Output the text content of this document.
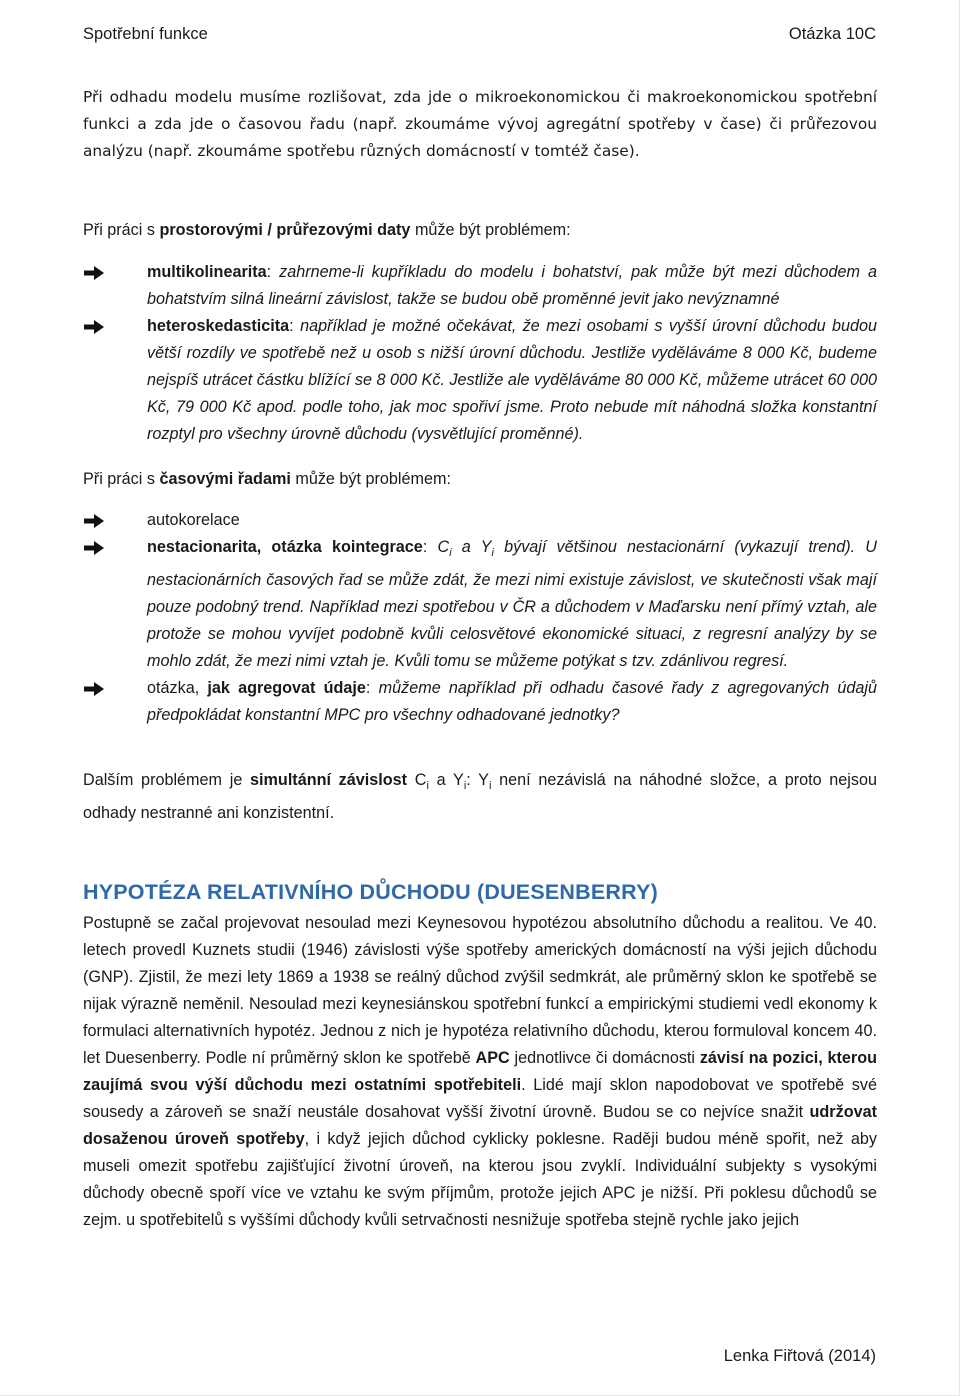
Spotřební funkce	Otázka 10C

Při odhadu modelu musíme rozlišovat, zda jde o mikroekonomickou či makroekonomickou spotřební funkci a zda jde o časovou řadu (např. zkoumáme vývoj agregátní spotřeby v čase) či průřezovou analýzu (např. zkoumáme spotřebu různých domácností v tomtéž čase).

Při práci s prostorovými / průřezovými daty může být problémem:

multikolinearita: zahrneme-li kupříkladu do modelu i bohatství, pak může být mezi důchodem a bohatstvím silná lineární závislost, takže se budou obě proměnné jevit jako nevýznamné
heteroskedasticita: například je možné očekávat, že mezi osobami s vyšší úrovní důchodu budou větší rozdíly ve spotřebě než u osob s nižší úrovní důchodu. Jestliže vyděláváme 8 000 Kč, budeme nejspíš utrácet částku blížící se 8 000 Kč. Jestliže ale vyděláváme 80 000 Kč, můžeme utrácet 60 000 Kč, 79 000 Kč apod. podle toho, jak moc spořiví jsme. Proto nebude mít náhodná složka konstantní rozptyl pro všechny úrovně důchodu (vysvětlující proměnné).

Při práci s časovými řadami může být problémem:

autokorelace
nestacionarita, otázka kointegrace: $C_i$ a $Y_i$ bývají většinou nestacionární (vykazují trend). U nestacionárních časových řad se může zdát, že mezi nimi existuje závislost, ve skutečnosti však mají pouze podobný trend. Například mezi spotřebou v ČR a důchodem v Maďarsku není přímý vztah, ale protože se mohou vyvíjet podobně kvůli celosvětové ekonomické situaci, z regresní analýzy by se mohlo zdát, že mezi nimi vztah je. Kvůli tomu se můžeme potýkat s tzv. zdánlivou regresí.
otázka, jak agregovat údaje: můžeme například při odhadu časové řady z agregovaných údajů předpokládat konstantní MPC pro všechny odhadované jednotky?

Dalším problémem je simultánní závislost $C_i$ a $Y_i$: $Y_i$ není nezávislá na náhodné složce, a proto nejsou odhady nestranné ani konzistentní.

HYPOTÉZA RELATIVNÍHO DŮCHODU (DUESENBERRY)

Postupně se začal projevovat nesoulad mezi Keynesovou hypotézou absolutního důchodu a realitou. Ve 40. letech provedl Kuznets studii (1946) závislosti výše spotřeby amerických domácností na výši jejich důchodu (GNP). Zjistil, že mezi lety 1869 a 1938 se reálný důchod zvýšil sedmkrát, ale průměrný sklon ke spotřebě se nijak výrazně neměnil. Nesoulad mezi keynesiánskou spotřební funkcí a empirickými studiemi vedl ekonomy k formulaci alternativních hypotéz. Jednou z nich je hypotéza relativního důchodu, kterou formuloval koncem 40. let Duesenberry. Podle ní průměrný sklon ke spotřebě APC jednotlivce či domácnosti závisí na pozici, kterou zaujímá svou výší důchodu mezi ostatními spotřebiteli. Lidé mají sklon napodobovat ve spotřebě své sousedy a zároveň se snaží neustále dosahovat vyšší životní úrovně. Budou se co nejvíce snažit udržovat dosaženou úroveň spotřeby, i když jejich důchod cyklicky poklesne. Raději budou méně spořit, než aby museli omezit spotřebu zajišťující životní úroveň, na kterou jsou zvyklí. Individuální subjekty s vysokými důchody obecně spoří více ve vztahu ke svým příjmům, protože jejich APC je nižší. Při poklesu důchodů se zejm. u spotřebitelů s vyššími důchody kvůli setrvačnosti nesnižuje spotřeba stejně rychle jako jejich

Lenka Fiřtová (2014)
